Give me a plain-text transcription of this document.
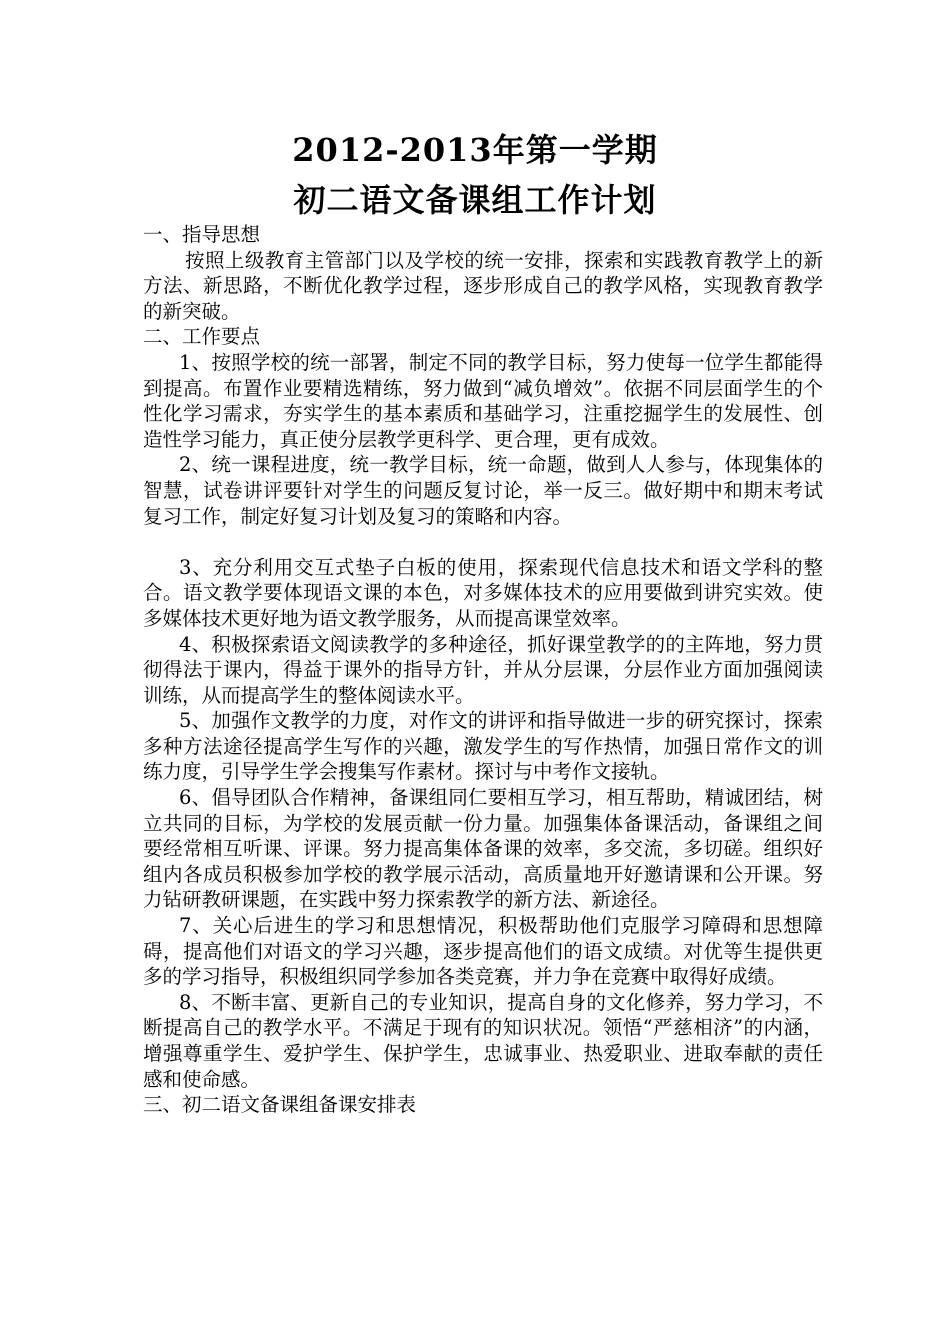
2012-2013年第一学期
初二语文备课组工作计划

一、指导思想

按照上级教育主管部门以及学校的统一安排，探索和实践教育教学上的新方法、新思路，不断优化教学过程，逐步形成自己的教学风格，实现教育教学的新突破。

二、工作要点

1、按照学校的统一部署，制定不同的教学目标，努力使每一位学生都能得到提高。布置作业要精选精练，努力做到“减负增效”。依据不同层面学生的个性化学习需求，夯实学生的基本素质和基础学习，注重挖掘学生的发展性、创造性学习能力，真正使分层教学更科学、更合理，更有成效。

2、统一课程进度，统一教学目标，统一命题，做到人人参与，体现集体的智慧，试卷讲评要针对学生的问题反复讨论，举一反三。做好期中和期末考试复习工作，制定好复习计划及复习的策略和内容。

3、充分利用交互式垫子白板的使用，探索现代信息技术和语文学科的整合。语文教学要体现语文课的本色，对多媒体技术的应用要做到讲究实效。使多媒体技术更好地为语文教学服务，从而提高课堂效率。

4、积极探索语文阅读教学的多种途径，抓好课堂教学的的主阵地，努力贯彻得法于课内，得益于课外的指导方针，并从分层课，分层作业方面加强阅读训练，从而提高学生的整体阅读水平。

5、加强作文教学的力度，对作文的讲评和指导做进一步的研究探讨，探索多种方法途径提高学生写作的兴趣，激发学生的写作热情，加强日常作文的训练力度，引导学生学会搜集写作素材。探讨与中考作文接轨。

6、倡导团队合作精神，备课组同仁要相互学习，相互帮助，精诚团结，树立共同的目标，为学校的发展贡献一份力量。加强集体备课活动，备课组之间要经常相互听课、评课。努力提高集体备课的效率，多交流，多切磋。组织好组内各成员积极参加学校的教学展示活动，高质量地开好邀请课和公开课。努力钻研教研课题，在实践中努力探索教学的新方法、新途径。

7、关心后进生的学习和思想情况，积极帮助他们克服学习障碍和思想障碍，提高他们对语文的学习兴趣，逐步提高他们的语文成绩。对优等生提供更多的学习指导，积极组织同学参加各类竞赛，并力争在竞赛中取得好成绩。

8、不断丰富、更新自己的专业知识，提高自身的文化修养，努力学习，不断提高自己的教学水平。不满足于现有的知识状况。领悟“严慈相济”的内涵，增强尊重学生、爱护学生、保护学生，忠诚事业、热爱职业、进取奉献的责任感和使命感。

三、初二语文备课组备课安排表
